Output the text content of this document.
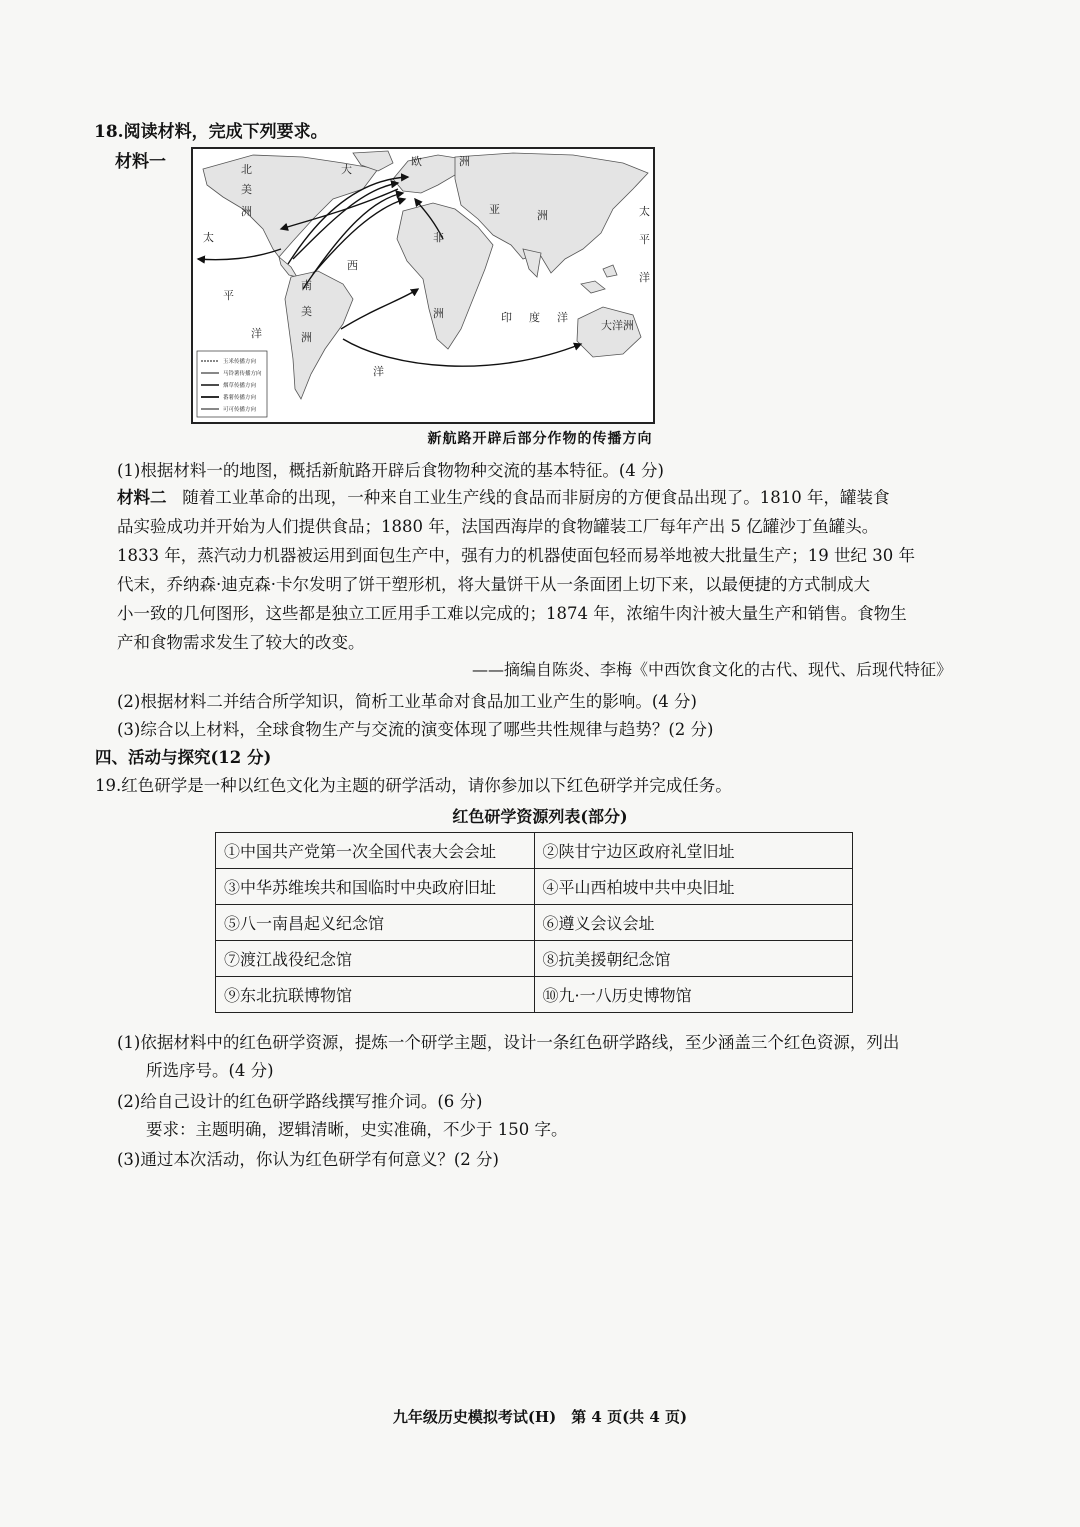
18.阅读材料，完成下列要求。
材料一	北
美
洲
大
欧	洲
亚	洲
太
西
非
洲
平
南
美
洲
洋
洋
印 度 洋
太
平
洋
大洋洲
玉米传播方向
马铃薯传播方向
烟草传播方向
番薯传播方向
可可传播方向
新航路开辟后部分作物的传播方向
(1)根据材料一的地图，概括新航路开辟后食物物种交流的基本特征。(4 分)
材料二 随着工业革命的出现，一种来自工业生产线的食品而非厨房的方便食品出现了。1810 年，罐装食
品实验成功并开始为人们提供食品；1880 年，法国西海岸的食物罐装工厂每年产出 5 亿罐沙丁鱼罐头。
1833 年，蒸汽动力机器被运用到面包生产中，强有力的机器使面包轻而易举地被大批量生产；19 世纪 30 年
代末，乔纳森·迪克森·卡尔发明了饼干塑形机，将大量饼干从一条面团上切下来，以最便捷的方式制成大
小一致的几何图形，这些都是独立工匠用手工难以完成的；1874 年，浓缩牛肉汁被大量生产和销售。食物生
产和食物需求发生了较大的改变。
——摘编自陈炎、李梅《中西饮食文化的古代、现代、后现代特征》
(2)根据材料二并结合所学知识，简析工业革命对食品加工业产生的影响。(4 分)
(3)综合以上材料，全球食物生产与交流的演变体现了哪些共性规律与趋势？(2 分)
四、活动与探究(12 分)
19.红色研学是一种以红色文化为主题的研学活动，请你参加以下红色研学并完成任务。
红色研学资源列表(部分)
①中国共产党第一次全国代表大会会址	②陕甘宁边区政府礼堂旧址
③中华苏维埃共和国临时中央政府旧址	④平山西柏坡中共中央旧址
⑤八一南昌起义纪念馆	⑥遵义会议会址
⑦渡江战役纪念馆	⑧抗美援朝纪念馆
⑨东北抗联博物馆	⑩九·一八历史博物馆
(1)依据材料中的红色研学资源，提炼一个研学主题，设计一条红色研学路线，至少涵盖三个红色资源，列出
所选序号。(4 分)
(2)给自己设计的红色研学路线撰写推介词。(6 分)
要求：主题明确，逻辑清晰，史实准确，不少于 150 字。
(3)通过本次活动，你认为红色研学有何意义？(2 分)
九年级历史模拟考试(H)　第 4 页(共 4 页)
